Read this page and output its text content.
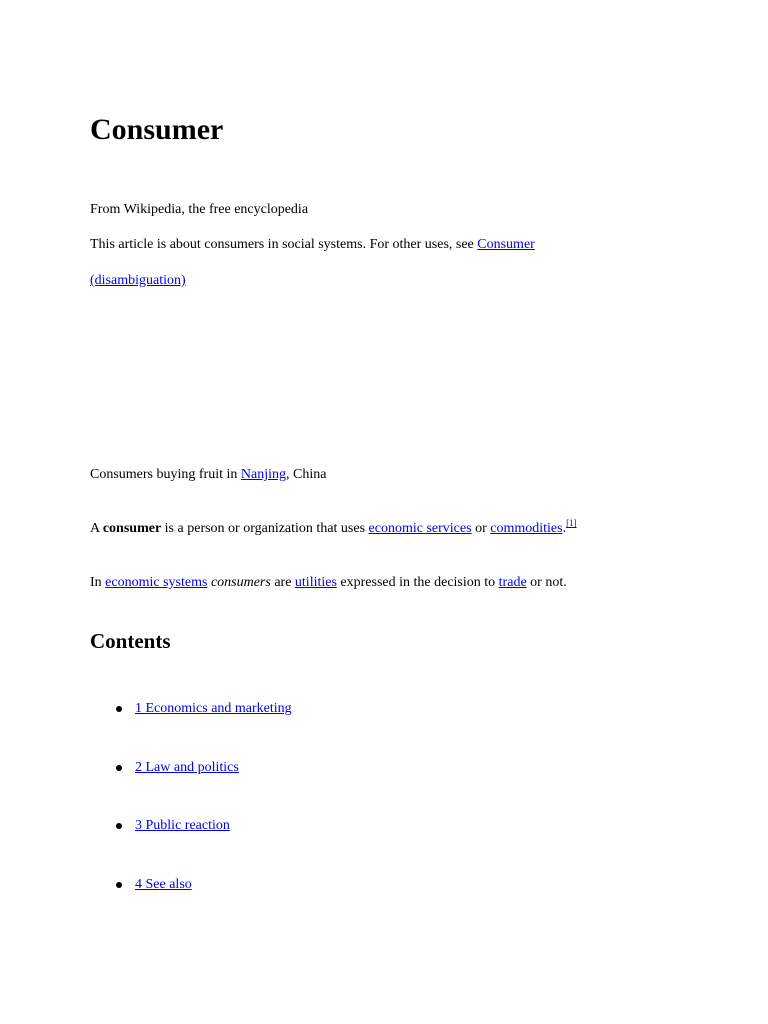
Consumer

From Wikipedia, the free encyclopedia

This article is about consumers in social systems. For other uses, see Consumer

(disambiguation)

Consumers buying fruit in Nanjing, China

A consumer is a person or organization that uses economic services or commodities.[1]

In economic systems consumers are utilities expressed in the decision to trade or not.

Contents
1 Economics and marketing
2 Law and politics
3 Public reaction
4 See also
